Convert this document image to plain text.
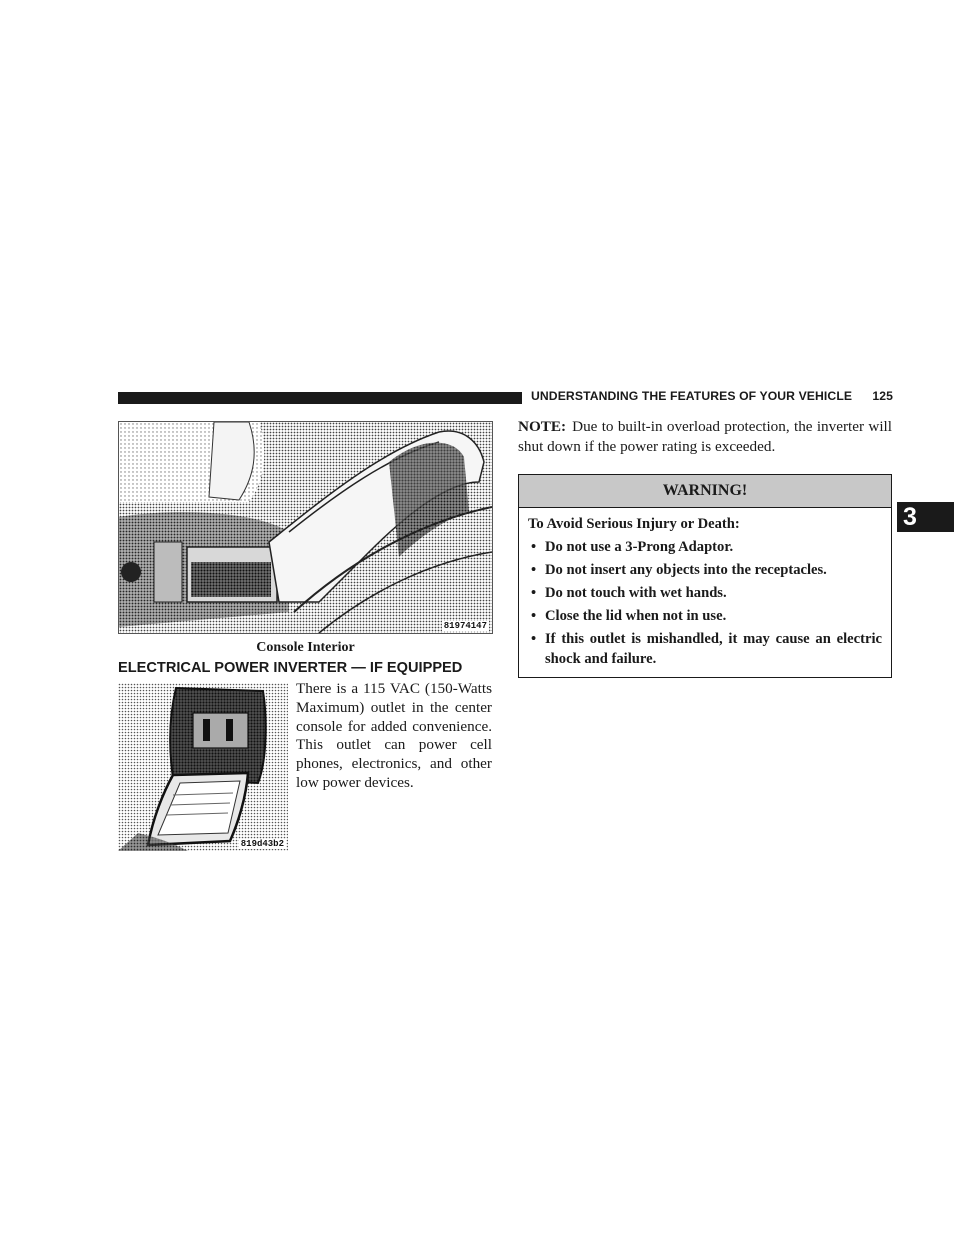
UNDERSTANDING THE FEATURES OF YOUR VEHICLE 125
3
81974147
Console Interior
ELECTRICAL POWER INVERTER — IF EQUIPPED
819d43b2
There is a 115 VAC (150-Watts Maximum) outlet in the center console for added convenience. This outlet can power cell phones, electronics, and other low power devices.
NOTE: Due to built-in overload protection, the inverter will shut down if the power rating is exceeded.
WARNING!
To Avoid Serious Injury or Death:
• Do not use a 3-Prong Adaptor.
• Do not insert any objects into the receptacles.
• Do not touch with wet hands.
• Close the lid when not in use.
• If this outlet is mishandled, it may cause an electric shock and failure.
